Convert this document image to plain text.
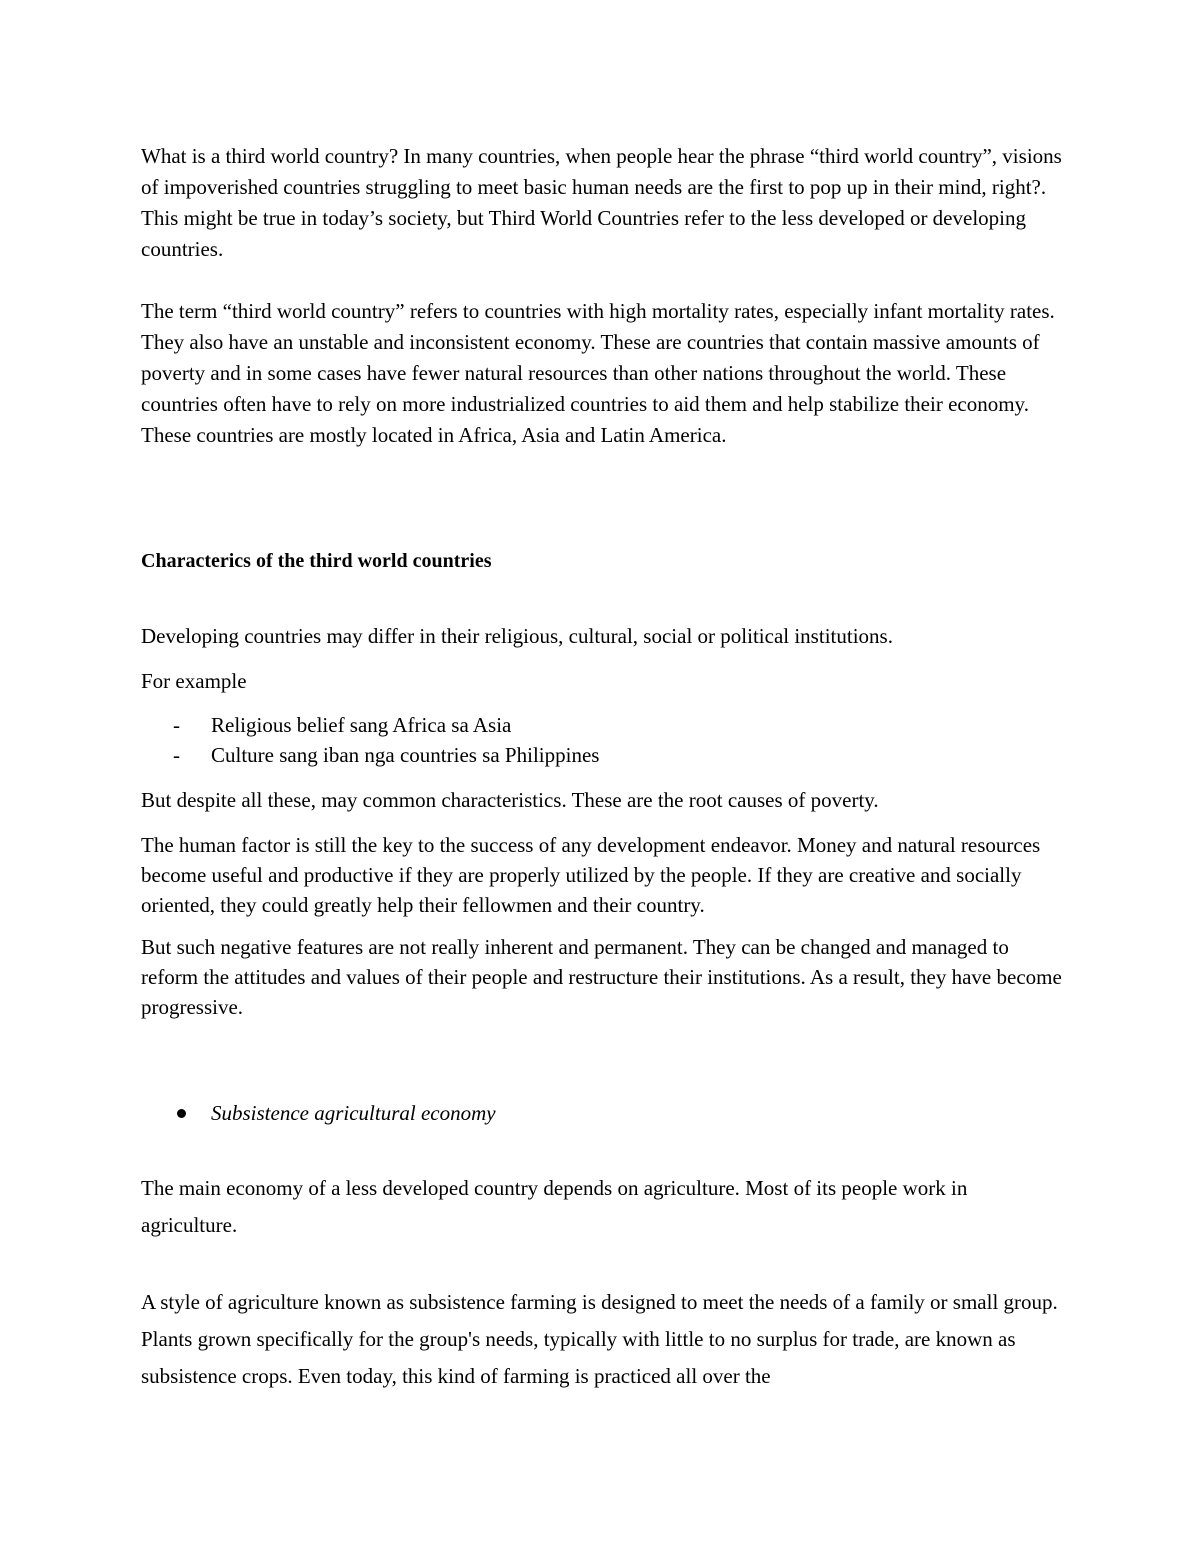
What is a third world country? In many countries, when people hear the phrase “third world country”, visions of impoverished countries struggling to meet basic human needs are the first to pop up in their mind, right?. This might be true in today’s society, but Third World Countries refer to the less developed or developing countries.

The term “third world country” refers to countries with high mortality rates, especially infant mortality rates. They also have an unstable and inconsistent economy. These are countries that contain massive amounts of poverty and in some cases have fewer natural resources than other nations throughout the world. These countries often have to rely on more industrialized countries to aid them and help stabilize their economy. These countries are mostly located in Africa, Asia and Latin America.

Characterics of the third world countries

Developing countries may differ in their religious, cultural, social or political institutions.

For example

- Religious belief sang Africa sa Asia
- Culture sang iban nga countries sa Philippines

But despite all these, may common characteristics. These are the root causes of poverty.

The human factor is still the key to the success of any development endeavor. Money and natural resources become useful and productive if they are properly utilized by the people. If they are creative and socially oriented, they could greatly help their fellowmen and their country.

But such negative features are not really inherent and permanent. They can be changed and managed to reform the attitudes and values of their people and restructure their institutions. As a result, they have become progressive.

Subsistence agricultural economy

The main economy of a less developed country depends on agriculture. Most of its people work in agriculture.

A style of agriculture known as subsistence farming is designed to meet the needs of a family or small group. Plants grown specifically for the group's needs, typically with little to no surplus for trade, are known as subsistence crops. Even today, this kind of farming is practiced all over the
